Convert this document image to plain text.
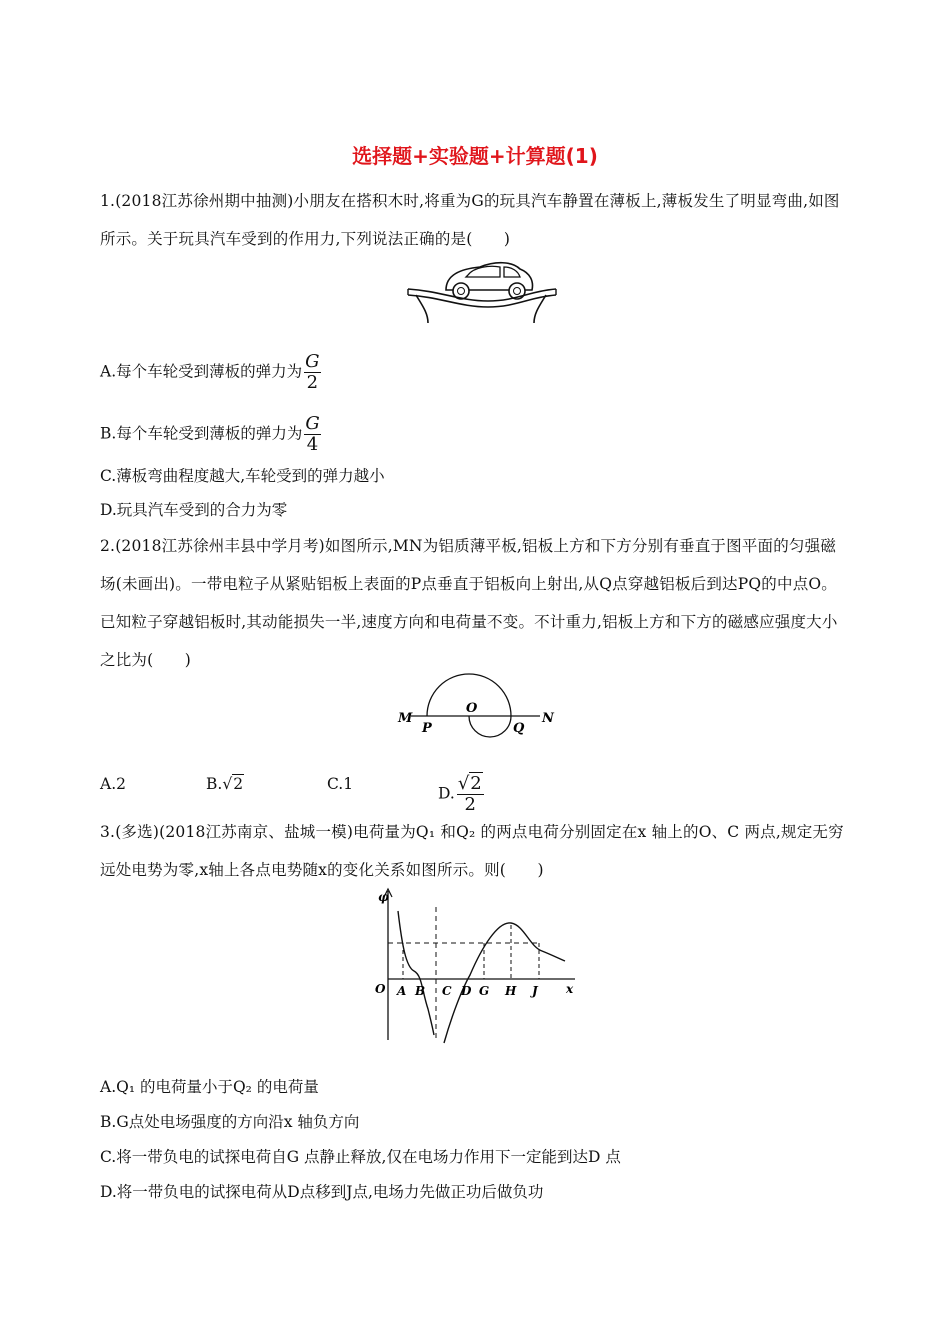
选择题+实验题+计算题(1)
1.(2018江苏徐州期中抽测)小朋友在搭积木时,将重为G的玩具汽车静置在薄板上,薄板发生了明显弯曲,如图所示。关于玩具汽车受到的作用力,下列说法正确的是(　　)
A.每个车轮受到薄板的弹力为 $\frac{G}{2}$
B.每个车轮受到薄板的弹力为 $\frac{G}{4}$
C.薄板弯曲程度越大,车轮受到的弹力越小
D.玩具汽车受到的合力为零
2.(2018江苏徐州丰县中学月考)如图所示,MN为铝质薄平板,铝板上方和下方分别有垂直于图平面的匀强磁场(未画出)。一带电粒子从紧贴铝板上表面的P点垂直于铝板向上射出,从Q点穿越铝板后到达PQ的中点O。已知粒子穿越铝板时,其动能损失一半,速度方向和电荷量不变。不计重力,铝板上方和下方的磁感应强度大小之比为(　　)
M
P
O
Q
N
A.2	B.√2	C.1
D. $\frac{√2}{2}$
3.(多选)(2018江苏南京、盐城一模)电荷量为Q₁ 和Q₂ 的两点电荷分别固定在x 轴上的O、C 两点,规定无穷远处电势为零,x轴上各点电势随x的变化关系如图所示。则(　　)
φ
O A B C D G H J x
A.Q₁ 的电荷量小于Q₂ 的电荷量
B.G点处电场强度的方向沿x 轴负方向
C.将一带负电的试探电荷自G 点静止释放,仅在电场力作用下一定能到达D 点
D.将一带负电的试探电荷从D点移到J点,电场力先做正功后做负功
